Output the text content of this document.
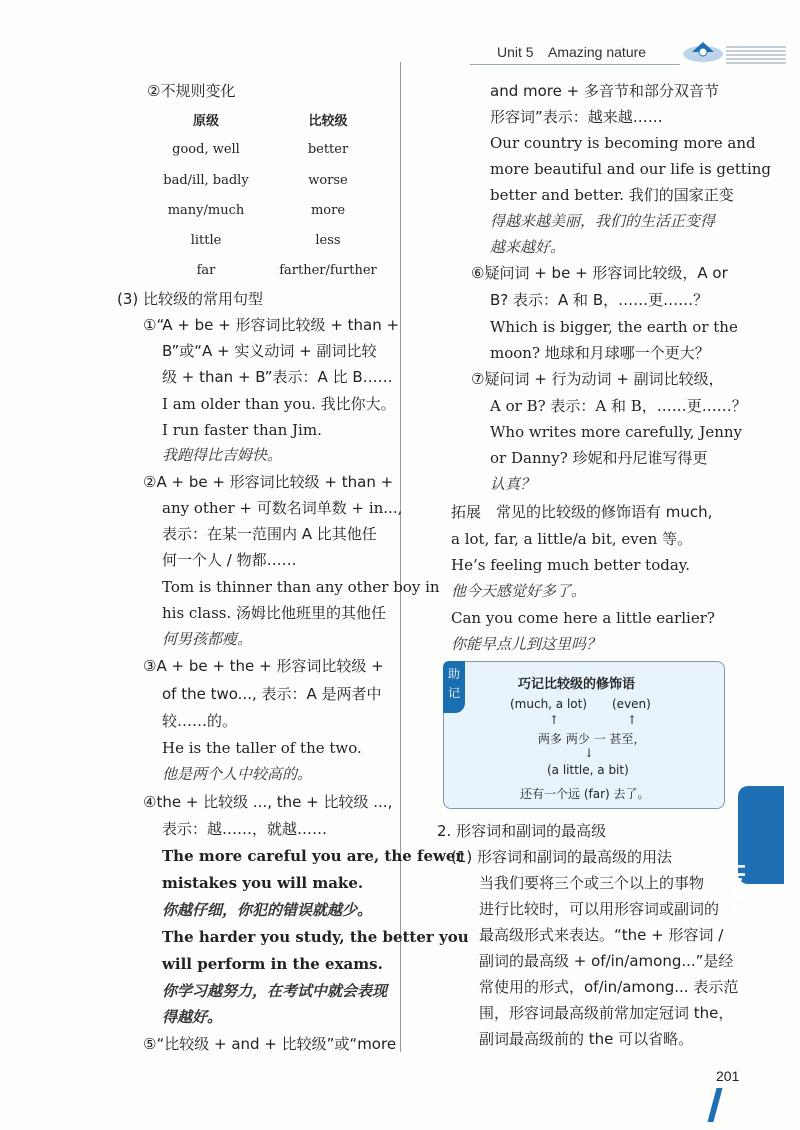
Unit 5 Amazing nature
②不规则变化
原级	比较级
good, well	better
bad/ill, badly	worse
many/much	more
little	less
far	farther/further
(3) 比较级的常用句型
①“A + be + 形容词比较级 + than +
B”或“A + 实义动词 + 副词比较
级 + than + B”表示：A 比 B……
I am older than you. 我比你大。
I run faster than Jim.
我跑得比吉姆快。
②A + be + 形容词比较级 + than +
any other + 可数名词单数 + in...,
表示：在某一范围内 A 比其他任
何一个人 / 物都……
Tom is thinner than any other boy in
his class. 汤姆比他班里的其他任
何男孩都瘦。
③A + be + the + 形容词比较级 +
of the two..., 表示：A 是两者中
较……的。
He is the taller of the two.
他是两个人中较高的。
④the + 比较级 ..., the + 比较级 ...,
表示：越……，就越……
The more careful you are, the fewer
mistakes you will make.
你越仔细，你犯的错误就越少。
The harder you study, the better you
will perform in the exams.
你学习越努力，在考试中就会表现
得越好。
⑤“比较级 + and + 比较级”或“more
and more + 多音节和部分双音节
形容词”表示：越来越……
Our country is becoming more and
more beautiful and our life is getting
better and better. 我们的国家正变
得越来越美丽，我们的生活正变得
越来越好。
⑥疑问词 + be + 形容词比较级，A or
B? 表示：A 和 B，……更……？
Which is bigger, the earth or the
moon? 地球和月球哪一个更大？
⑦疑问词 + 行为动词 + 副词比较级，
A or B? 表示：A 和 B，……更……？
Who writes more carefully, Jenny
or Danny? 珍妮和丹尼谁写得更
认真？
拓展　常见的比较级的修饰语有 much,
a lot, far, a little/a bit, even 等。
He’s feeling much better today.
他今天感觉好多了。
Can you come here a little earlier?
你能早点儿到这里吗？
助记
巧记比较级的修饰语
(much, a lot) (even)
↑	↑
两多 两少 一 甚至，
↓
(a little, a bit)
还有一个远 (far) 去了。
2. 形容词和副词的最高级
(1) 形容词和副词的最高级的用法
当我们要将三个或三个以上的事物
进行比较时，可以用形容词或副词的
最高级形式来表达。“the + 形容词 /
副词的最高级 + of/in/among...”是经
常使用的形式，of/in/among... 表示范
围，形容词最高级前常加定冠词 the，
副词最高级前的 the 可以省略。
Unit 5
201
